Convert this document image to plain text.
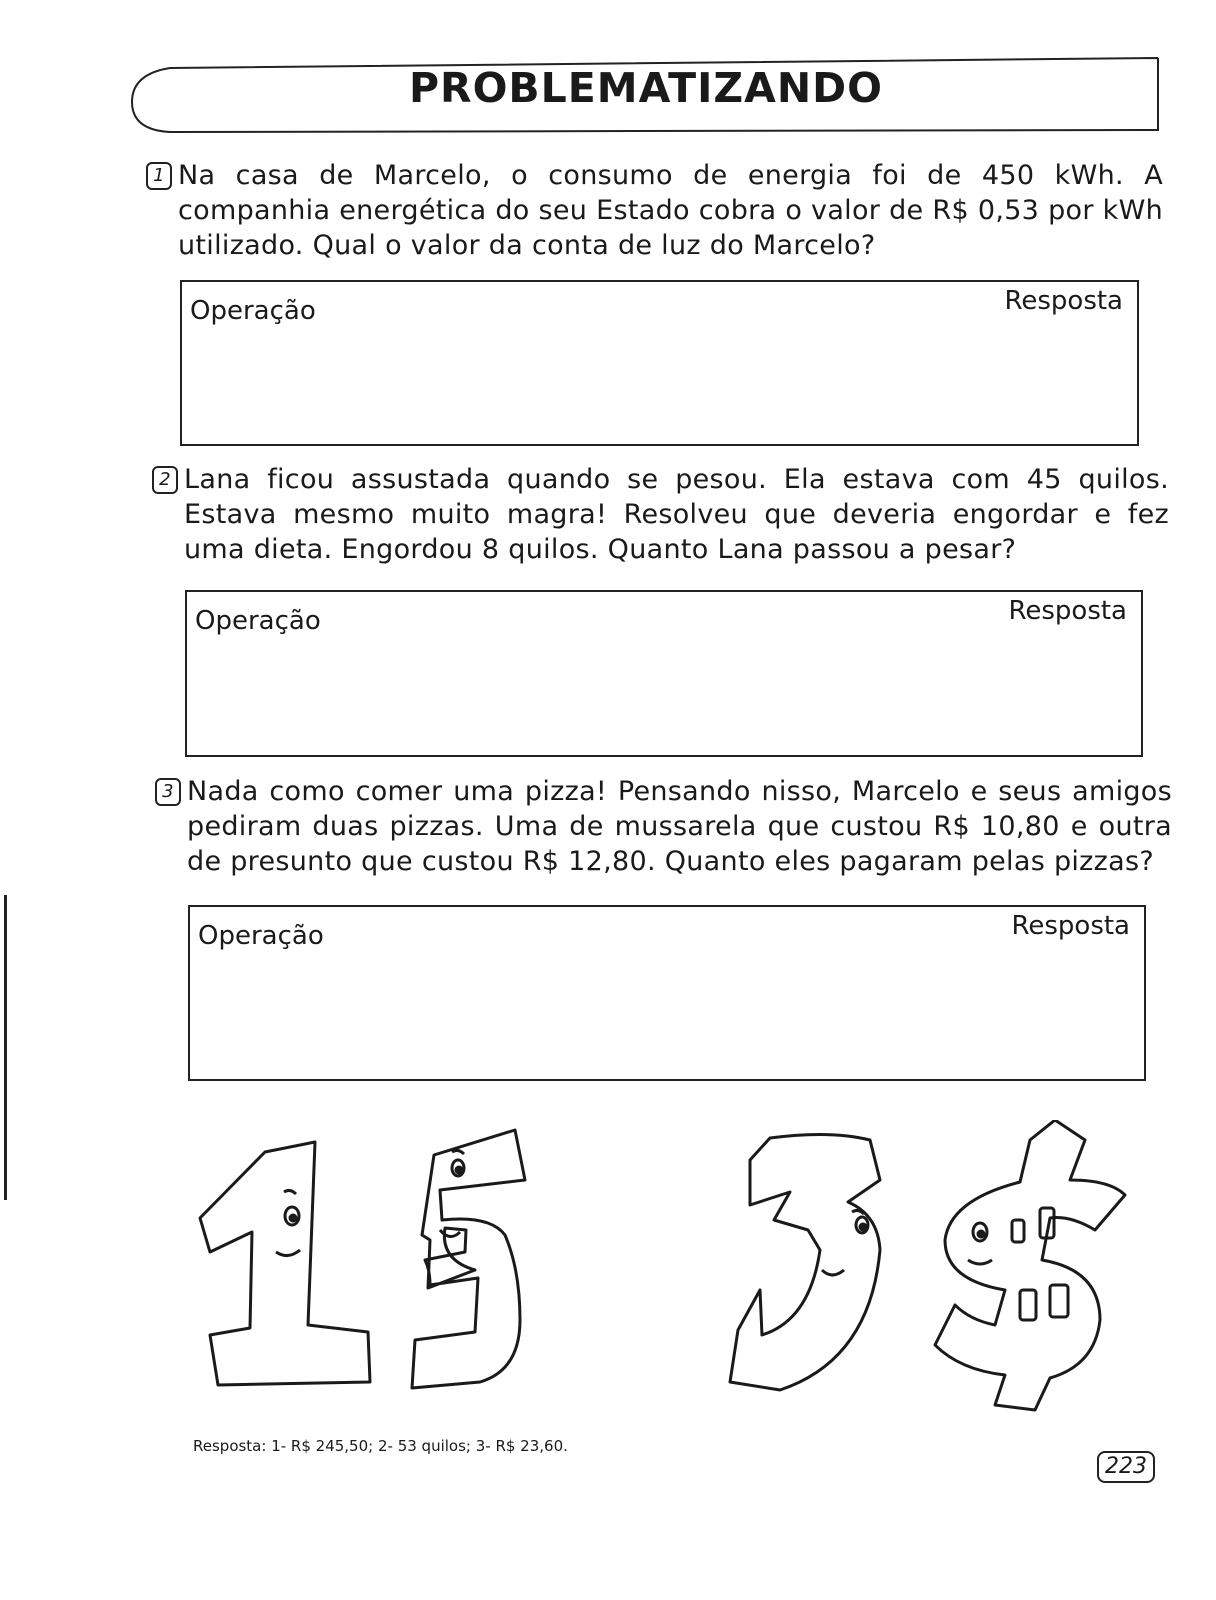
PROBLEMATIZANDO
1 Na casa de Marcelo, o consumo de energia foi de 450 kWh. A companhia energética do seu Estado cobra o valor de R$ 0,53 por kWh utilizado. Qual o valor da conta de luz do Marcelo?
Operação	Resposta
2 Lana ficou assustada quando se pesou. Ela estava com 45 quilos. Estava mesmo muito magra! Resolveu que deveria engordar e fez uma dieta. Engordou 8 quilos. Quanto Lana passou a pesar?
Operação	Resposta
3 Nada como comer uma pizza! Pensando nisso, Marcelo e seus amigos pediram duas pizzas. Uma de mussarela que custou R$ 10,80 e outra de presunto que custou R$ 12,80. Quanto eles pagaram pelas pizzas?
Operação	Resposta
Resposta: 1- R$ 245,50; 2- 53 quilos; 3- R$ 23,60.
223
